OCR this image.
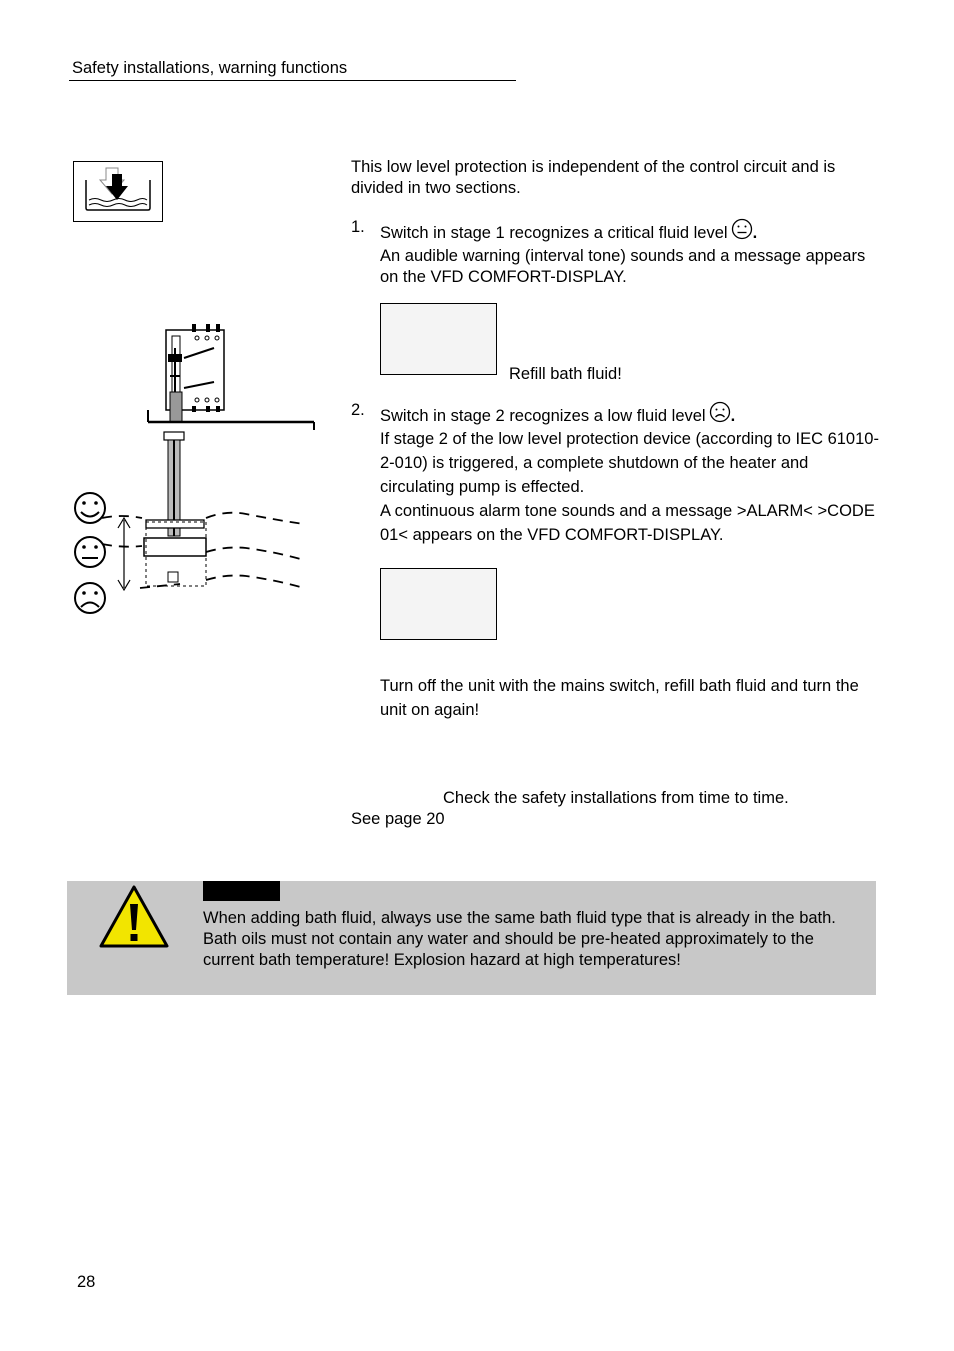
Safety installations, warning functions
This low level protection is independent of the control circuit and is divided in two sections.
1. Switch in stage 1 recognizes a critical fluid level .
An audible warning (interval tone) sounds and a message appears on the VFD COMFORT-DISPLAY.
Refill bath fluid!
2. Switch in stage 2 recognizes a low fluid level .
If stage 2 of the low level protection device (according to IEC 61010-2-010) is triggered, a complete shutdown of the heater and circulating pump is effected.
A continuous alarm tone sounds and a message >ALARM< >CODE 01< appears on the VFD COMFORT-DISPLAY.
Turn off the unit with the mains switch, refill bath fluid and turn the unit on again!
Check the safety installations from time to time.
See page 20
When adding bath fluid, always use the same bath fluid type that is already in the bath.
Bath oils must not contain any water and should be pre-heated approximately to the current bath temperature! Explosion hazard at high temperatures!
28
